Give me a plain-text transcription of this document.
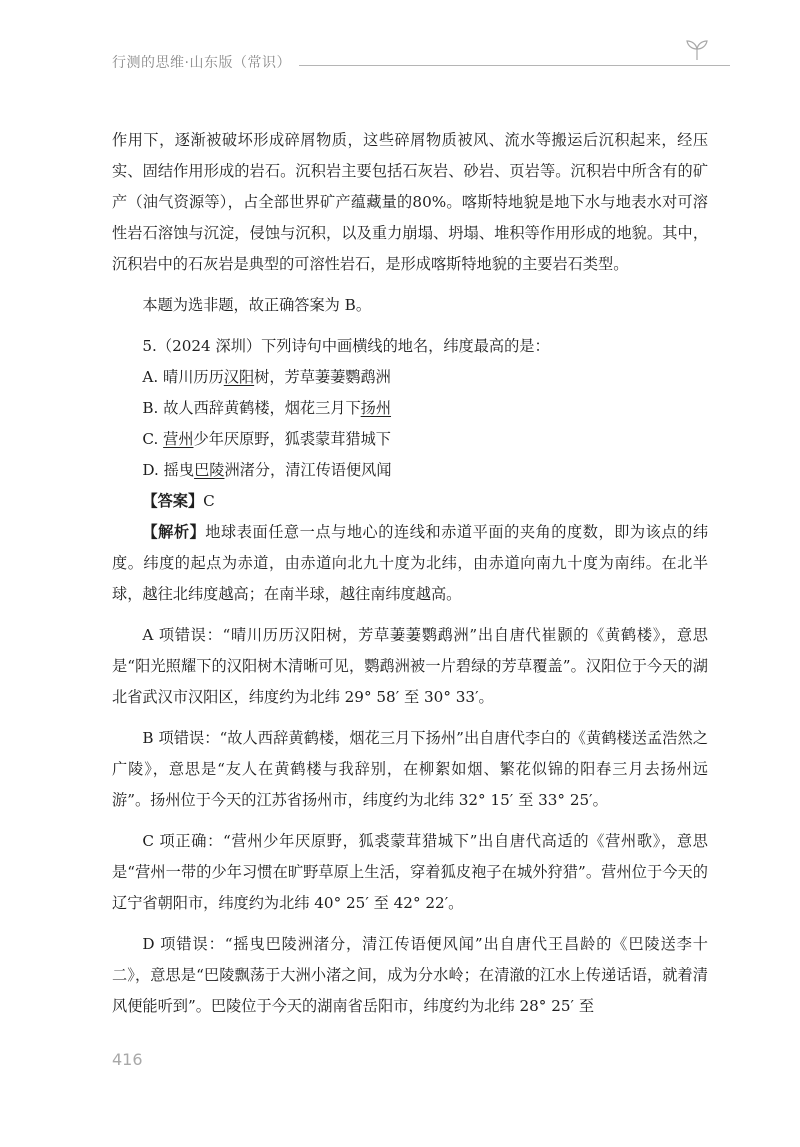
行测的思维·山东版（常识）

作用下，逐渐被破坏形成碎屑物质，这些碎屑物质被风、流水等搬运后沉积起来，经压实、固结作用形成的岩石。沉积岩主要包括石灰岩、砂岩、页岩等。沉积岩中所含有的矿产（油气资源等），占全部世界矿产蕴藏量的80%。喀斯特地貌是地下水与地表水对可溶性岩石溶蚀与沉淀，侵蚀与沉积，以及重力崩塌、坍塌、堆积等作用形成的地貌。其中，沉积岩中的石灰岩是典型的可溶性岩石，是形成喀斯特地貌的主要岩石类型。

本题为选非题，故正确答案为 B。

5.（2024 深圳）下列诗句中画横线的地名，纬度最高的是：

A. 晴川历历汉阳树，芳草萋萋鹦鹉洲

B. 故人西辞黄鹤楼，烟花三月下扬州

C. 营州少年厌原野，狐裘蒙茸猎城下

D. 摇曳巴陵洲渚分，清江传语便风闻

【答案】C

【解析】地球表面任意一点与地心的连线和赤道平面的夹角的度数，即为该点的纬度。纬度的起点为赤道，由赤道向北九十度为北纬，由赤道向南九十度为南纬。在北半球，越往北纬度越高；在南半球，越往南纬度越高。

A 项错误：“晴川历历汉阳树，芳草萋萋鹦鹉洲”出自唐代崔颢的《黄鹤楼》，意思是“阳光照耀下的汉阳树木清晰可见，鹦鹉洲被一片碧绿的芳草覆盖”。汉阳位于今天的湖北省武汉市汉阳区，纬度约为北纬 29° 58′ 至 30° 33′。

B 项错误：“故人西辞黄鹤楼，烟花三月下扬州”出自唐代李白的《黄鹤楼送孟浩然之广陵》，意思是“友人在黄鹤楼与我辞别，在柳絮如烟、繁花似锦的阳春三月去扬州远游”。扬州位于今天的江苏省扬州市，纬度约为北纬 32° 15′ 至 33° 25′。

C 项正确：“营州少年厌原野，狐裘蒙茸猎城下”出自唐代高适的《营州歌》，意思是“营州一带的少年习惯在旷野草原上生活，穿着狐皮袍子在城外狩猎”。营州位于今天的辽宁省朝阳市，纬度约为北纬 40° 25′ 至 42° 22′。

D 项错误：“摇曳巴陵洲渚分，清江传语便风闻”出自唐代王昌龄的《巴陵送李十二》，意思是“巴陵飘荡于大洲小渚之间，成为分水岭；在清澈的江水上传递话语，就着清风便能听到”。巴陵位于今天的湖南省岳阳市，纬度约为北纬 28° 25′ 至

416
